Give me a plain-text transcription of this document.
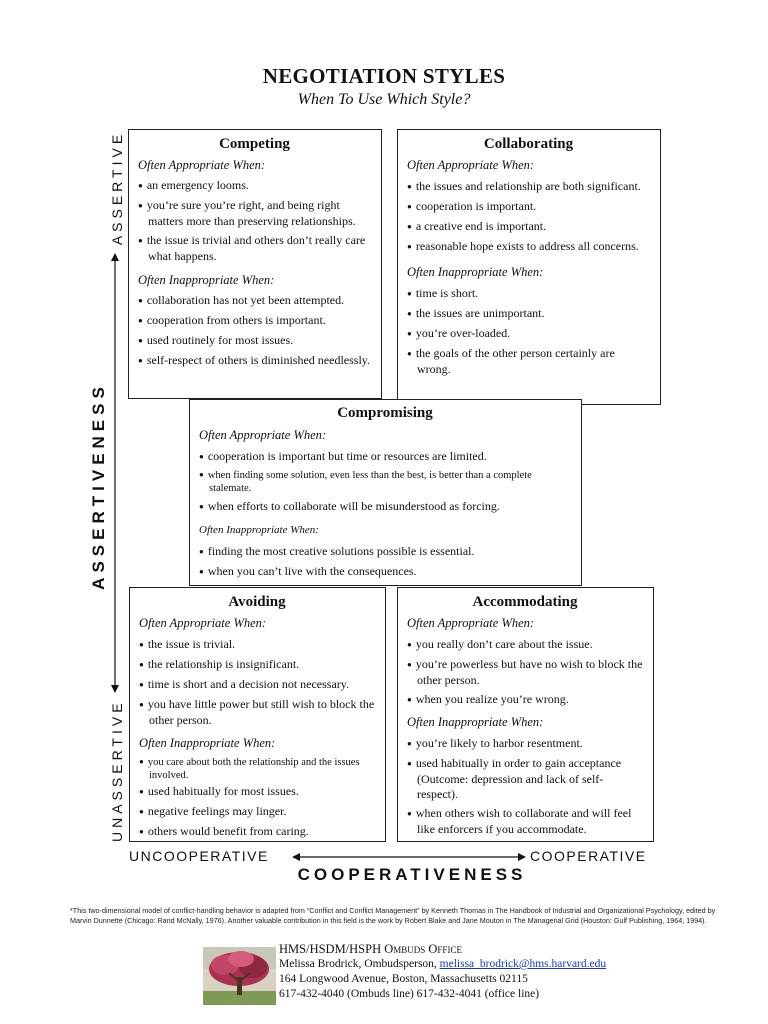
NEGOTIATION STYLES
When To Use Which Style?
ASSERTIVE
ASSERTIVENESS
UNASSERTIVE
Competing
Often Appropriate When:
● an emergency looms.
● you’re sure you’re right, and being right matters more than preserving relationships.
● the issue is trivial and others don’t really care what happens.
Often Inappropriate When:
● collaboration has not yet been attempted.
● cooperation from others is important.
● used routinely for most issues.
● self-respect of others is diminished needlessly.
Collaborating
Often Appropriate When:
● the issues and relationship are both significant.
● cooperation is important.
● a creative end is important.
● reasonable hope exists to address all concerns.
Often Inappropriate When:
● time is short.
● the issues are unimportant.
● you’re over-loaded.
● the goals of the other person certainly are wrong.
Compromising
Often Appropriate When:
● cooperation is important but time or resources are limited.
● when finding some solution, even less than the best, is better than a complete stalemate.
● when efforts to collaborate will be misunderstood as forcing.
Often Inappropriate When:
● finding the most creative solutions possible is essential.
● when you can’t live with the consequences.
Avoiding
Often Appropriate When:
● the issue is trivial.
● the relationship is insignificant.
● time is short and a decision not necessary.
● you have little power but still wish to block the other person.
Often Inappropriate When:
● you care about both the relationship and the issues involved.
● used habitually for most issues.
● negative feelings may linger.
● others would benefit from caring.
Accommodating
Often Appropriate When:
● you really don’t care about the issue.
● you’re powerless but have no wish to block the other person.
● when you realize you’re wrong.
Often Inappropriate When:
● you’re likely to harbor resentment.
● used habitually in order to gain acceptance (Outcome: depression and lack of self-respect).
● when others wish to collaborate and will feel like enforcers if you accommodate.
UNCOOPERATIVE	COOPERATIVE
COOPERATIVENESS
*This two-dimensional model of conflict-handling behavior is adapted from “Conflict and Conflict Management” by Kenneth Thomas in The Handbook of Industrial and Organizational Psychology, edited by
Marvin Dunnette (Chicago: Rand McNally, 1976). Another valuable contribution in this field is the work by Robert Blake and Jane Mouton in The Managerial Grid (Houston: Gulf Publishing, 1964, 1994).
HMS/HSDM/HSPH Ombuds Office
Melissa Brodrick, Ombudsperson, melissa_brodrick@hms.harvard.edu
164 Longwood Avenue, Boston, Massachusetts 02115
617-432-4040 (Ombuds line) 617-432-4041 (office line)
